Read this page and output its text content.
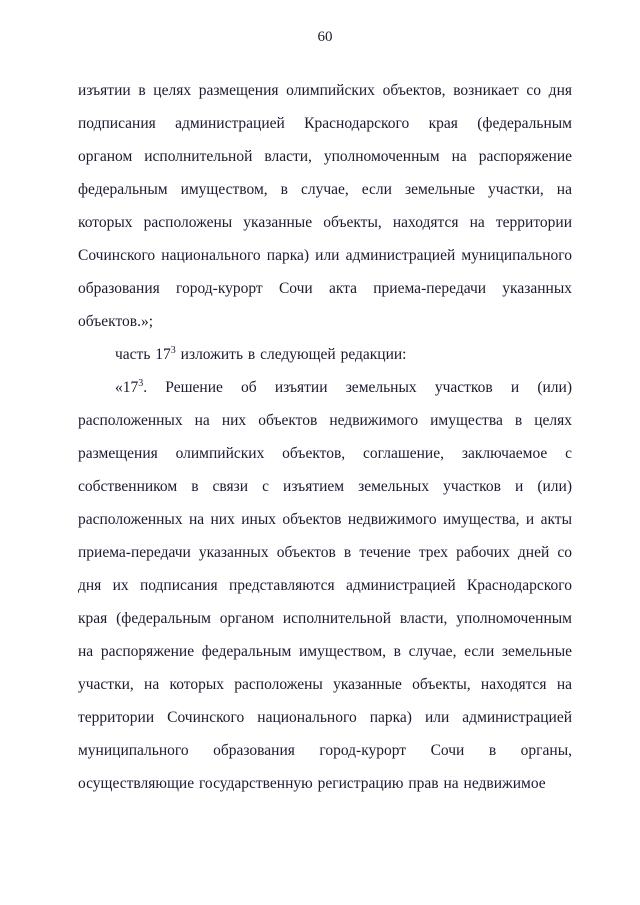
60

изъятии в целях размещения олимпийских объектов, возникает со дня подписания администрацией Краснодарского края (федеральным органом исполнительной власти, уполномоченным на распоряжение федеральным имуществом, в случае, если земельные участки, на которых расположены указанные объекты, находятся на территории Сочинского национального парка) или администрацией муниципального образования город-курорт Сочи акта приема-передачи указанных объектов.»;

часть $17^3$ изложить в следующей редакции:

«$17^3$. Решение об изъятии земельных участков и (или) расположенных на них объектов недвижимого имущества в целях размещения олимпийских объектов, соглашение, заключаемое с собственником в связи с изъятием земельных участков и (или) расположенных на них иных объектов недвижимого имущества, и акты приема-передачи указанных объектов в течение трех рабочих дней со дня их подписания представляются администрацией Краснодарского края (федеральным органом исполнительной власти, уполномоченным на распоряжение федеральным имуществом, в случае, если земельные участки, на которых расположены указанные объекты, находятся на территории Сочинского национального парка) или администрацией муниципального образования город-курорт Сочи в органы, осуществляющие государственную регистрацию прав на недвижимое
